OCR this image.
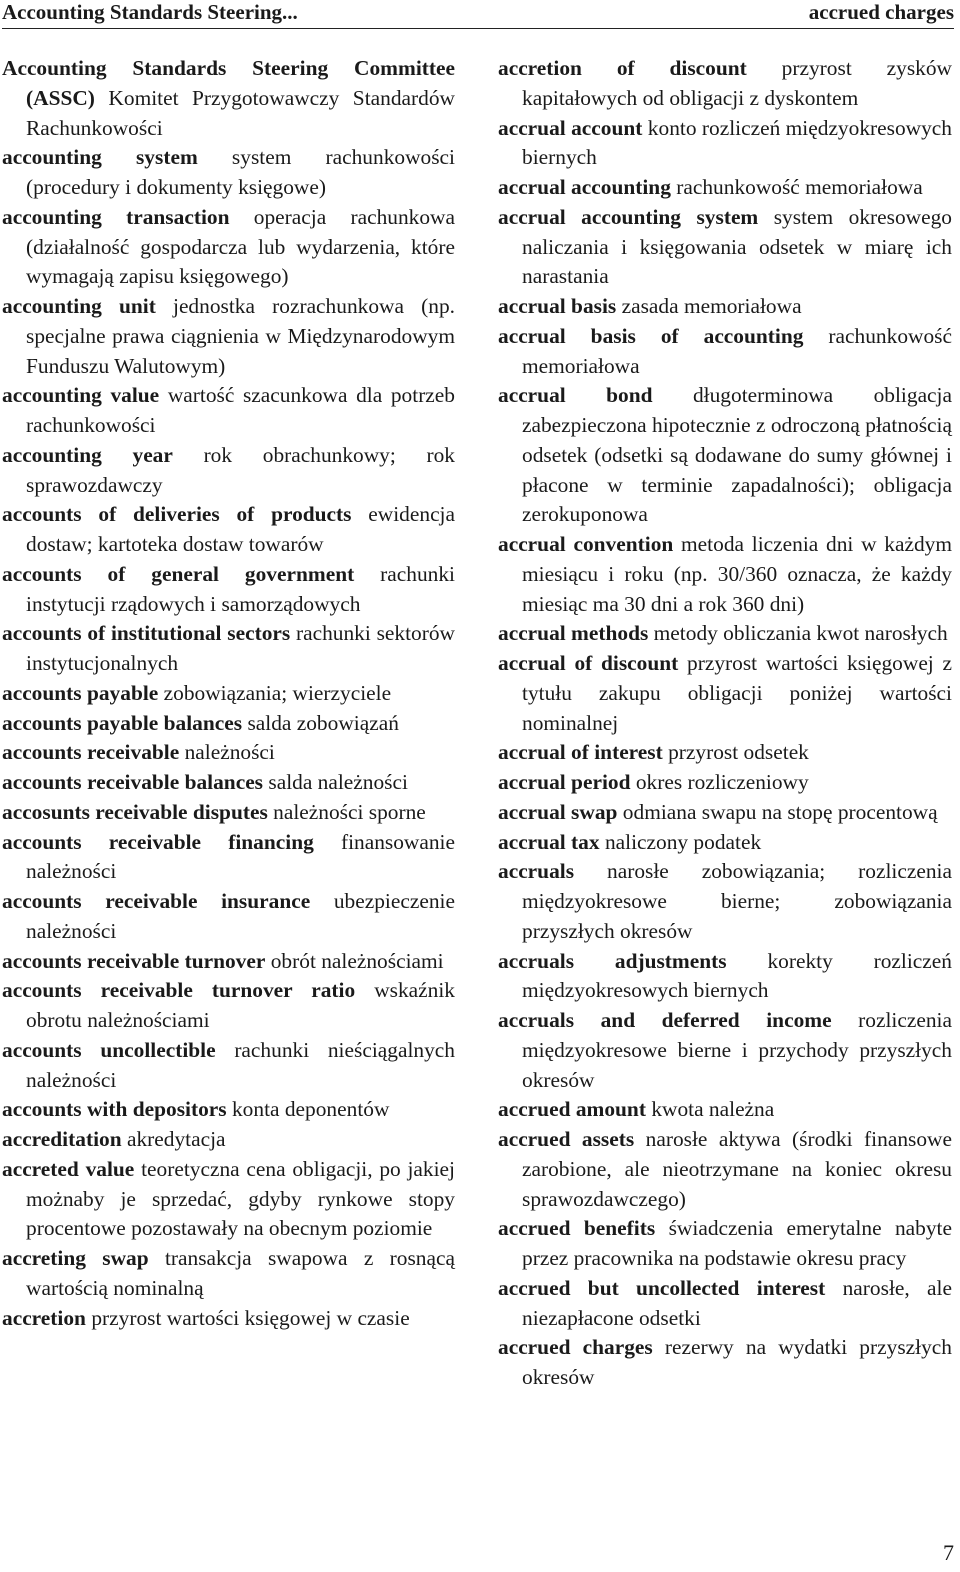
Accounting Standards Steering...	accrued charges

Accounting Standards Steering Committee (ASSC) Komitet Przygotowawczy Standardów Rachunkowości

accounting system system rachunkowości (procedury i dokumenty księgowe)

accounting transaction operacja rachunkowa (działalność gospodarcza lub wydarzenia, które wymagają zapisu księgowego)

accounting unit jednostka rozrachunkowa (np. specjalne prawa ciągnienia w Międzynarodowym Funduszu Walutowym)

accounting value wartość szacunkowa dla potrzeb rachunkowości

accounting year rok obrachunkowy; rok sprawozdawczy

accounts of deliveries of products ewidencja dostaw; kartoteka dostaw towarów

accounts of general government rachunki instytucji rządowych i samorządowych

accounts of institutional sectors rachunki sektorów instytucjonalnych

accounts payable zobowiązania; wierzyciele

accounts payable balances salda zobowiązań

accounts receivable należności

accounts receivable balances salda należności

accosunts receivable disputes należności sporne

accounts receivable financing finansowanie należności

accounts receivable insurance ubezpieczenie należności

accounts receivable turnover obrót należnościami

accounts receivable turnover ratio wskaźnik obrotu należnościami

accounts uncollectible rachunki nieściągalnych należności

accounts with depositors konta deponentów

accreditation akredytacja

accreted value teoretyczna cena obligacji, po jakiej możnaby je sprzedać, gdyby rynkowe stopy procentowe pozostawały na obecnym poziomie

accreting swap transakcja swapowa z rosnącą wartością nominalną

accretion przyrost wartości księgowej w czasie

accretion of discount przyrost zysków kapitałowych od obligacji z dyskontem

accrual account konto rozliczeń międzyokresowych biernych

accrual accounting rachunkowość memoriałowa

accrual accounting system system okresowego naliczania i księgowania odsetek w miarę ich narastania

accrual basis zasada memoriałowa

accrual basis of accounting rachunkowość memoriałowa

accrual bond długoterminowa obligacja zabezpieczona hipotecznie z odroczoną płatnością odsetek (odsetki są dodawane do sumy głównej i płacone w terminie zapadalności); obligacja zerokuponowa

accrual convention metoda liczenia dni w każdym miesiącu i roku (np. 30/360 oznacza, że każdy miesiąc ma 30 dni a rok 360 dni)

accrual methods metody obliczania kwot narosłych

accrual of discount przyrost wartości księgowej z tytułu zakupu obligacji poniżej wartości nominalnej

accrual of interest przyrost odsetek

accrual period okres rozliczeniowy

accrual swap odmiana swapu na stopę procentową

accrual tax naliczony podatek

accruals narosłe zobowiązania; rozliczenia międzyokresowe bierne; zobowiązania przyszłych okresów

accruals adjustments korekty rozliczeń międzyokresowych biernych

accruals and deferred income rozliczenia międzyokresowe bierne i przychody przyszłych okresów

accrued amount kwota należna

accrued assets narosłe aktywa (środki finansowe zarobione, ale nieotrzymane na koniec okresu sprawozdawczego)

accrued benefits świadczenia emerytalne nabyte przez pracownika na podstawie okresu pracy

accrued but uncollected interest narosłe, ale niezapłacone odsetki

accrued charges rezerwy na wydatki przyszłych okresów

7
